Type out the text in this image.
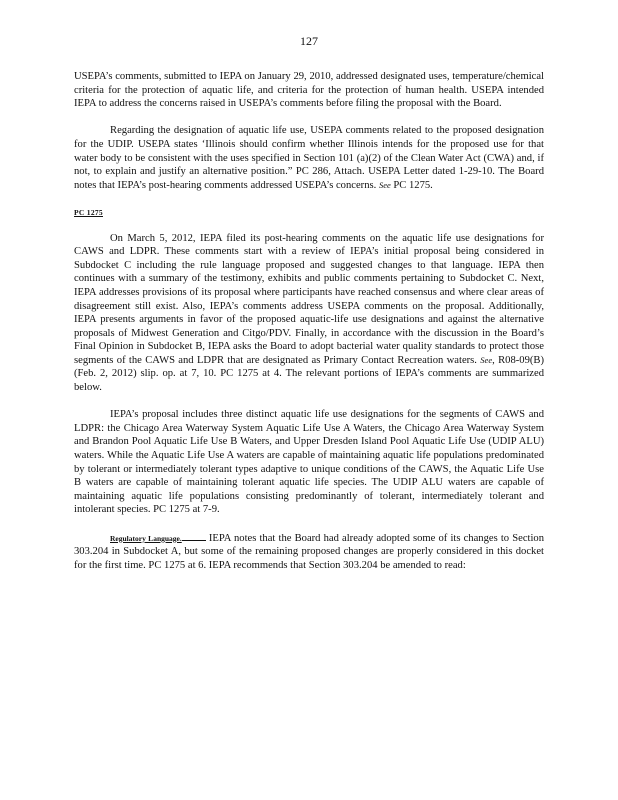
127

USEPA’s comments, submitted to IEPA on January 29, 2010, addressed designated uses, temperature/chemical criteria for the protection of aquatic life, and criteria for the protection of human health. USEPA intended IEPA to address the concerns raised in USEPA’s comments before filing the proposal with the Board.

Regarding the designation of aquatic life use, USEPA comments related to the proposed designation for the UDIP. USEPA states ‘Illinois should confirm whether Illinois intends for the proposed use for that water body to be consistent with the uses specified in Section 101 (a)(2) of the Clean Water Act (CWA) and, if not, to explain and justify an alternative position.” PC 286, Attach. USEPA Letter dated 1-29-10. The Board notes that IEPA’s post-hearing comments addressed USEPA’s concerns. See PC 1275.

PC 1275

On March 5, 2012, IEPA filed its post-hearing comments on the aquatic life use designations for CAWS and LDPR. These comments start with a review of IEPA’s initial proposal being considered in Subdocket C including the rule language proposed and suggested changes to that language. IEPA then continues with a summary of the testimony, exhibits and public comments pertaining to Subdocket C. Next, IEPA addresses provisions of its proposal where participants have reached consensus and where clear areas of disagreement still exist. Also, IEPA’s comments address USEPA comments on the proposal. Additionally, IEPA presents arguments in favor of the proposed aquatic-life use designations and against the alternative proposals of Midwest Generation and Citgo/PDV. Finally, in accordance with the discussion in the Board’s Final Opinion in Subdocket B, IEPA asks the Board to adopt bacterial water quality standards to protect those segments of the CAWS and LDPR that are designated as Primary Contact Recreation waters. See, R08-09(B)(Feb. 2, 2012) slip. op. at 7, 10. PC 1275 at 4. The relevant portions of IEPA’s comments are summarized below.

IEPA’s proposal includes three distinct aquatic life use designations for the segments of CAWS and LDPR: the Chicago Area Waterway System Aquatic Life Use A Waters, the Chicago Area Waterway System and Brandon Pool Aquatic Life Use B Waters, and Upper Dresden Island Pool Aquatic Life Use (UDIP ALU) waters. While the Aquatic Life Use A waters are capable of maintaining aquatic life populations predominated by tolerant or intermediately tolerant types adaptive to unique conditions of the CAWS, the Aquatic Life Use B waters are capable of maintaining tolerant aquatic life species. The UDIP ALU waters are capable of maintaining aquatic life populations consisting predominantly of tolerant, intermediately tolerant and intolerant species. PC 1275 at 7-9.

Regulatory Language.	IEPA notes that the Board had already adopted some of its changes to Section 303.204 in Subdocket A, but some of the remaining proposed changes are properly considered in this docket for the first time. PC 1275 at 6. IEPA recommends that Section 303.204 be amended to read:
